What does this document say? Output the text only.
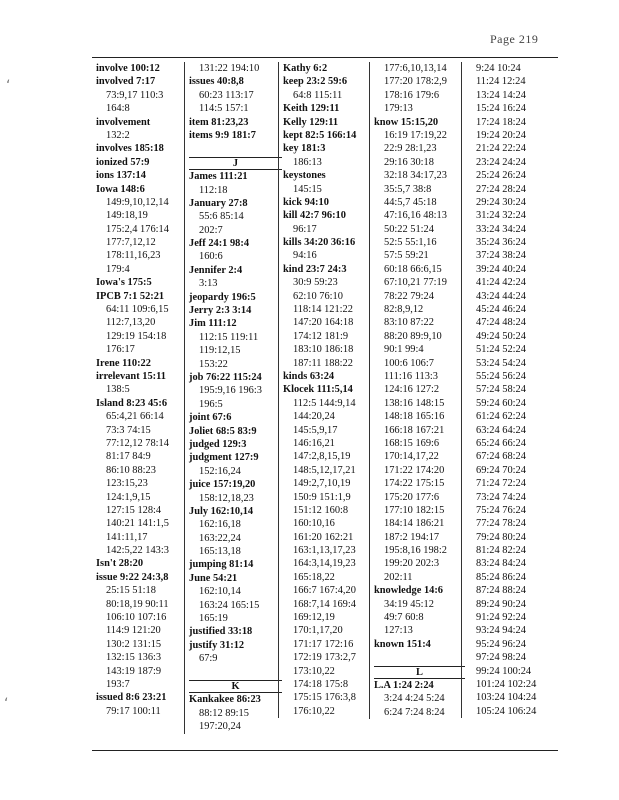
Page 219
‘
‘
involve 100:12
involved 7:17
73:9,17 110:3
164:8
involvement
132:2
involves 185:18
ionized 57:9
ions 137:14
Iowa 148:6
149:9,10,12,14
149:18,19
175:2,4 176:14
177:7,12,12
178:11,16,23
179:4
Iowa's 175:5
IPCB 7:1 52:21
64:11 109:6,15
112:7,13,20
129:19 154:18
176:17
Irene 110:22
irrelevant 15:11
138:5
Island 8:23 45:6
65:4,21 66:14
73:3 74:15
77:12,12 78:14
81:17 84:9
86:10 88:23
123:15,23
124:1,9,15
127:15 128:4
140:21 141:1,5
141:11,17
142:5,22 143:3
Isn't 28:20
issue 9:22 24:3,8
25:15 51:18
80:18,19 90:11
106:10 107:16
114:9 121:20
130:2 131:15
132:15 136:3
143:19 187:9
193:7
issued 8:6 23:21
79:17 100:11
131:22 194:10
issues 40:8,8
60:23 113:17
114:5 157:1
item 81:23,23
items 9:9 181:7
J
James 111:21
112:18
January 27:8
55:6 85:14
202:7
Jeff 24:1 98:4
160:6
Jennifer 2:4
3:13
jeopardy 196:5
Jerry 2:3 3:14
Jim 111:12
112:15 119:11
119:12,15
153:22
job 76:22 115:24
195:9,16 196:3
196:5
joint 67:6
Joliet 68:5 83:9
judged 129:3
judgment 127:9
152:16,24
juice 157:19,20
158:12,18,23
July 162:10,14
162:16,18
163:22,24
165:13,18
jumping 81:14
June 54:21
162:10,14
163:24 165:15
165:19
justified 33:18
justify 31:12
67:9
K
Kankakee 86:23
88:12 89:15
197:20,24
Kathy 6:2
keep 23:2 59:6
64:8 115:11
Keith 129:11
Kelly 129:11
kept 82:5 166:14
key 181:3
186:13
keystones
145:15
kick 94:10
kill 42:7 96:10
96:17
kills 34:20 36:16
94:16
kind 23:7 24:3
30:9 59:23
62:10 76:10
118:14 121:22
147:20 164:18
174:12 181:9
183:10 186:18
187:11 188:22
kinds 63:24
Klocek 111:5,14
112:5 144:9,14
144:20,24
145:5,9,17
146:16,21
147:2,8,15,19
148:5,12,17,21
149:2,7,10,19
150:9 151:1,9
151:12 160:8
160:10,16
161:20 162:21
163:1,13,17,23
164:3,14,19,23
165:18,22
166:7 167:4,20
168:7,14 169:4
169:12,19
170:1,17,20
171:17 172:16
172:19 173:2,7
173:10,22
174:18 175:8
175:15 176:3,8
176:10,22
177:6,10,13,14
177:20 178:2,9
178:16 179:6
179:13
know 15:15,20
16:19 17:19,22
22:9 28:1,23
29:16 30:18
32:18 34:17,23
35:5,7 38:8
44:5,7 45:18
47:16,16 48:13
50:22 51:24
52:5 55:1,16
57:5 59:21
60:18 66:6,15
67:10,21 77:19
78:22 79:24
82:8,9,12
83:10 87:22
88:20 89:9,10
90:1 99:4
100:6 106:7
111:16 113:3
124:16 127:2
138:16 148:15
148:18 165:16
166:18 167:21
168:15 169:6
170:14,17,22
171:22 174:20
174:22 175:15
175:20 177:6
177:10 182:15
184:14 186:21
187:2 194:17
195:8,16 198:2
199:20 202:3
202:11
knowledge 14:6
34:19 45:12
49:7 60:8
127:13
known 151:4
L
L.A 1:24 2:24
3:24 4:24 5:24
6:24 7:24 8:24
9:24 10:24
11:24 12:24
13:24 14:24
15:24 16:24
17:24 18:24
19:24 20:24
21:24 22:24
23:24 24:24
25:24 26:24
27:24 28:24
29:24 30:24
31:24 32:24
33:24 34:24
35:24 36:24
37:24 38:24
39:24 40:24
41:24 42:24
43:24 44:24
45:24 46:24
47:24 48:24
49:24 50:24
51:24 52:24
53:24 54:24
55:24 56:24
57:24 58:24
59:24 60:24
61:24 62:24
63:24 64:24
65:24 66:24
67:24 68:24
69:24 70:24
71:24 72:24
73:24 74:24
75:24 76:24
77:24 78:24
79:24 80:24
81:24 82:24
83:24 84:24
85:24 86:24
87:24 88:24
89:24 90:24
91:24 92:24
93:24 94:24
95:24 96:24
97:24 98:24
99:24 100:24
101:24 102:24
103:24 104:24
105:24 106:24
